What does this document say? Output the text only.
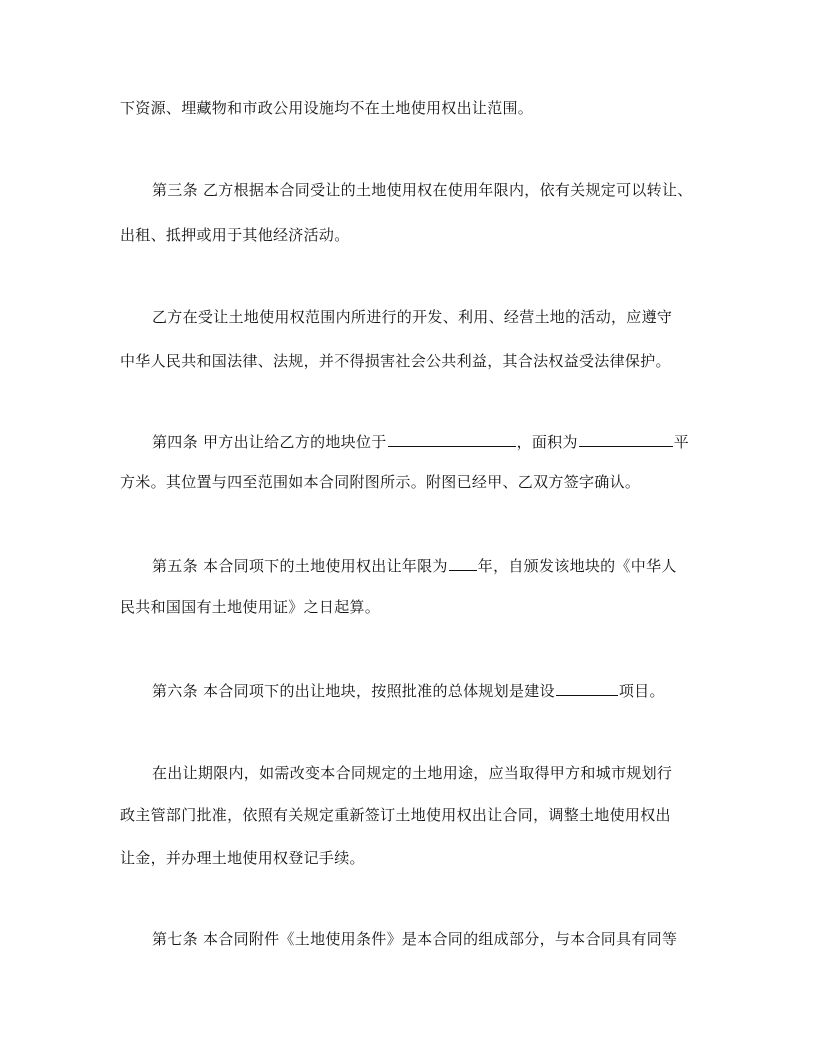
下资源、埋藏物和市政公用设施均不在土地使用权出让范围。
第三条 乙方根据本合同受让的土地使用权在使用年限内，依有关规定可以转让、
出租、抵押或用于其他经济活动。
乙方在受让土地使用权范围内所进行的开发、利用、经营土地的活动，应遵守
中华人民共和国法律、法规，并不得损害社会公共利益，其合法权益受法律保护。
第四条 甲方出让给乙方的地块位于	，面积为	平
方米。其位置与四至范围如本合同附图所示。附图已经甲、乙双方签字确认。
第五条 本合同项下的土地使用权出让年限为 年，自颁发该地块的《中华人
民共和国国有土地使用证》之日起算。
第六条 本合同项下的出让地块，按照批准的总体规划是建设	项目。
在出让期限内，如需改变本合同规定的土地用途，应当取得甲方和城市规划行
政主管部门批准，依照有关规定重新签订土地使用权出让合同，调整土地使用权出
让金，并办理土地使用权登记手续。
第七条 本合同附件《土地使用条件》是本合同的组成部分，与本合同具有同等
